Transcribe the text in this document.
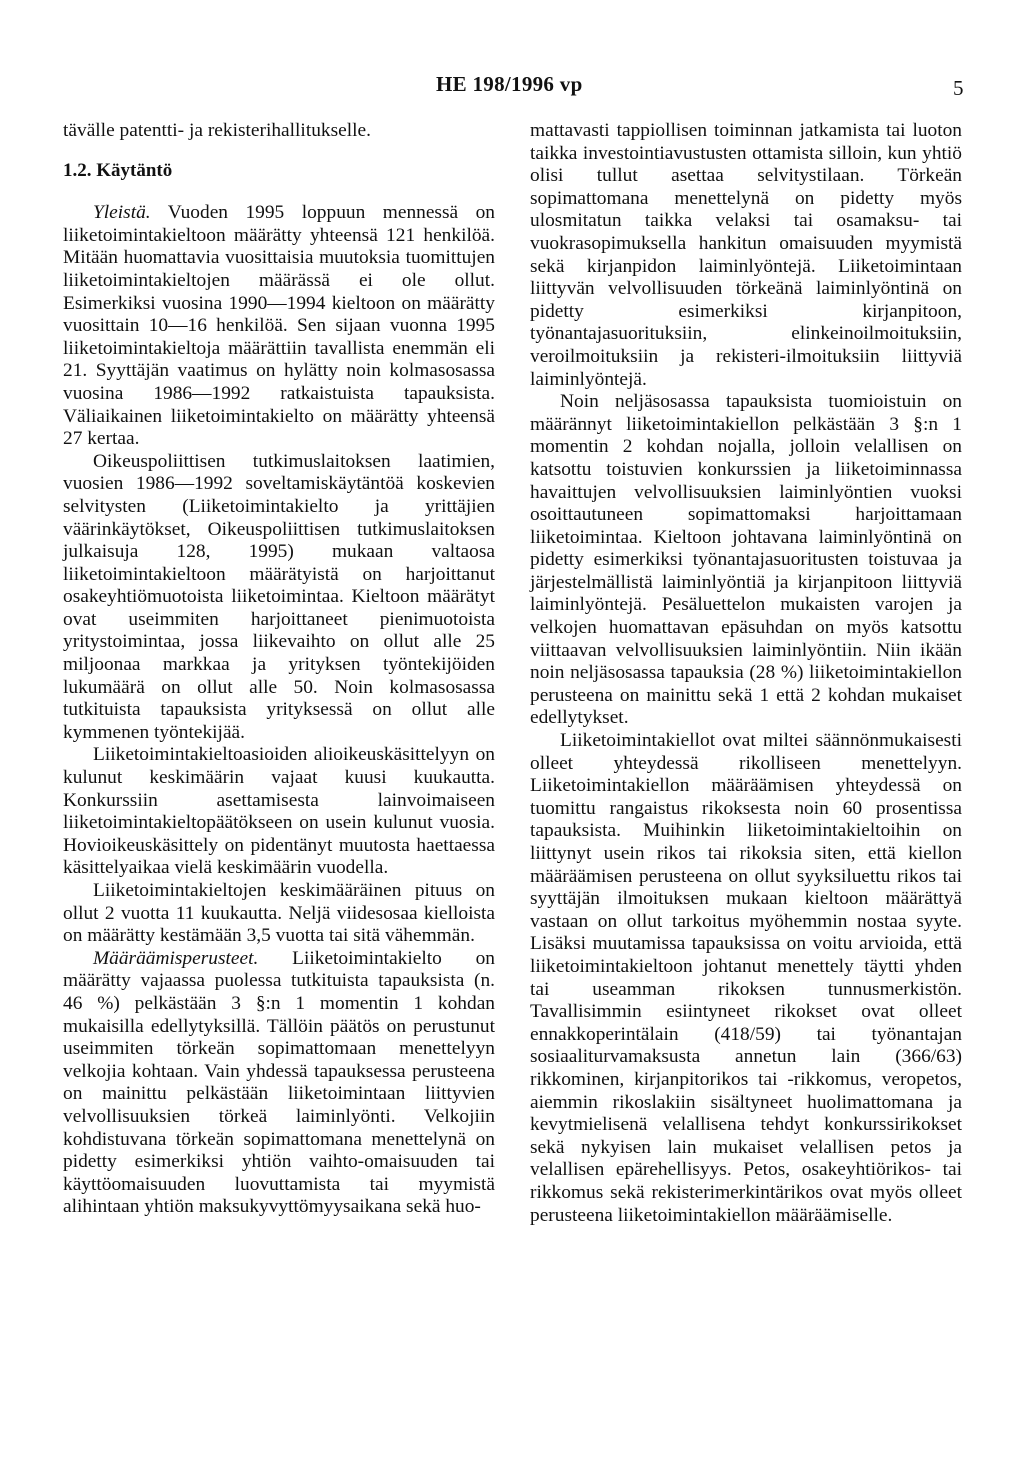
HE 198/1996 vp	5

tävälle patentti- ja rekisterihallitukselle.

1.2. Käytäntö

Yleistä. Vuoden 1995 loppuun mennessä on liiketoimintakieltoon määrätty yhteensä 121 henkilöä. Mitään huomattavia vuosittaisia muutoksia tuomittujen liiketoimintakieltojen määrässä ei ole ollut. Esimerkiksi vuosina 1990—1994 kieltoon on määrätty vuosittain 10—16 henkilöä. Sen sijaan vuonna 1995 liiketoimintakieltoja määrättiin tavallista enemmän eli 21. Syyttäjän vaatimus on hylätty noin kolmasosassa vuosina 1986—1992 ratkaistuista tapauksista. Väliaikainen liiketoimintakielto on määrätty yhteensä 27 kertaa.

Oikeuspoliittisen tutkimuslaitoksen laatimien, vuosien 1986—1992 soveltamiskäytäntöä koskevien selvitysten (Liiketoimintakielto ja yrittäjien väärinkäytökset, Oikeuspoliittisen tutkimuslaitoksen julkaisuja 128, 1995) mukaan valtaosa liiketoimintakieltoon määrätyistä on harjoittanut osakeyhtiömuotoista liiketoimintaa. Kieltoon määrätyt ovat useimmiten harjoittaneet pienimuotoista yritystoimintaa, jossa liikevaihto on ollut alle 25 miljoonaa markkaa ja yrityksen työntekijöiden lukumäärä on ollut alle 50. Noin kolmasosassa tutkituista tapauksista yrityksessä on ollut alle kymmenen työntekijää.

Liiketoimintakieltoasioiden alioikeuskäsittelyyn on kulunut keskimäärin vajaat kuusi kuukautta. Konkurssiin asettamisesta lainvoimaiseen liiketoimintakieltopäätökseen on usein kulunut vuosia. Hovioikeuskäsittely on pidentänyt muutosta haettaessa käsittelyaikaa vielä keskimäärin vuodella.

Liiketoimintakieltojen keskimääräinen pituus on ollut 2 vuotta 11 kuukautta. Neljä viidesosaa kielloista on määrätty kestämään 3,5 vuotta tai sitä vähemmän.

Määräämisperusteet. Liiketoimintakielto on määrätty vajaassa puolessa tutkituista tapauksista (n. 46 %) pelkästään 3 §:n 1 momentin 1 kohdan mukaisilla edellytyksillä. Tällöin päätös on perustunut useimmiten törkeän sopimattomaan menettelyyn velkojia kohtaan. Vain yhdessä tapauksessa perusteena on mainittu pelkästään liiketoimintaan liittyvien velvollisuuksien törkeä laiminlyönti. Velkojiin kohdistuvana törkeän sopimattomana menettelynä on pidetty esimerkiksi yhtiön vaihto-omaisuuden tai käyttöomaisuuden luovuttamista tai myymistä alihintaan yhtiön maksukyvyttömyysaikana sekä huo-

mattavasti tappiollisen toiminnan jatkamista tai luoton taikka investointiavustusten ottamista silloin, kun yhtiö olisi tullut asettaa selvitystilaan. Törkeän sopimattomana menettelynä on pidetty myös ulosmitatun taikka velaksi tai osamaksu- tai vuokrasopimuksella hankitun omaisuuden myymistä sekä kirjanpidon laiminlyöntejä. Liiketoimintaan liittyvän velvollisuuden törkeänä laiminlyöntinä on pidetty esimerkiksi kirjanpitoon, työnantajasuorituksiin, elinkeinoilmoituksiin, veroilmoituksiin ja rekisteri-ilmoituksiin liittyviä laiminlyöntejä.

Noin neljäsosassa tapauksista tuomioistuin on määrännyt liiketoimintakiellon pelkästään 3 §:n 1 momentin 2 kohdan nojalla, jolloin velallisen on katsottu toistuvien konkurssien ja liiketoiminnassa havaittujen velvollisuuksien laiminlyöntien vuoksi osoittautuneen sopimattomaksi harjoittamaan liiketoimintaa. Kieltoon johtavana laiminlyöntinä on pidetty esimerkiksi työnantajasuoritusten toistuvaa ja järjestelmällistä laiminlyöntiä ja kirjanpitoon liittyviä laiminlyöntejä. Pesäluettelon mukaisten varojen ja velkojen huomattavan epäsuhdan on myös katsottu viittaavan velvollisuuksien laiminlyöntiin. Niin ikään noin neljäsosassa tapauksia (28 %) liiketoimintakiellon perusteena on mainittu sekä 1 että 2 kohdan mukaiset edellytykset.

Liiketoimintakiellot ovat miltei säännönmukaisesti olleet yhteydessä rikolliseen menettelyyn. Liiketoimintakiellon määräämisen yhteydessä on tuomittu rangaistus rikoksesta noin 60 prosentissa tapauksista. Muihinkin liiketoimintakieltoihin on liittynyt usein rikos tai rikoksia siten, että kiellon määräämisen perusteena on ollut syyksiluettu rikos tai syyttäjän ilmoituksen mukaan kieltoon määrättyä vastaan on ollut tarkoitus myöhemmin nostaa syyte. Lisäksi muutamissa tapauksissa on voitu arvioida, että liiketoimintakieltoon johtanut menettely täytti yhden tai useamman rikoksen tunnusmerkistön. Tavallisimmin esiintyneet rikokset ovat olleet ennakkoperintälain (418/59) tai työnantajan sosiaaliturvamaksusta annetun lain (366/63) rikkominen, kirjanpitorikos tai -rikkomus, veropetos, aiemmin rikoslakiin sisältyneet huolimattomana ja kevytmielisenä velallisena tehdyt konkurssirikokset sekä nykyisen lain mukaiset velallisen petos ja velallisen epärehellisyys. Petos, osakeyhtiörikos- tai rikkomus sekä rekisterimerkintärikos ovat myös olleet perusteena liiketoimintakiellon määräämiselle.
